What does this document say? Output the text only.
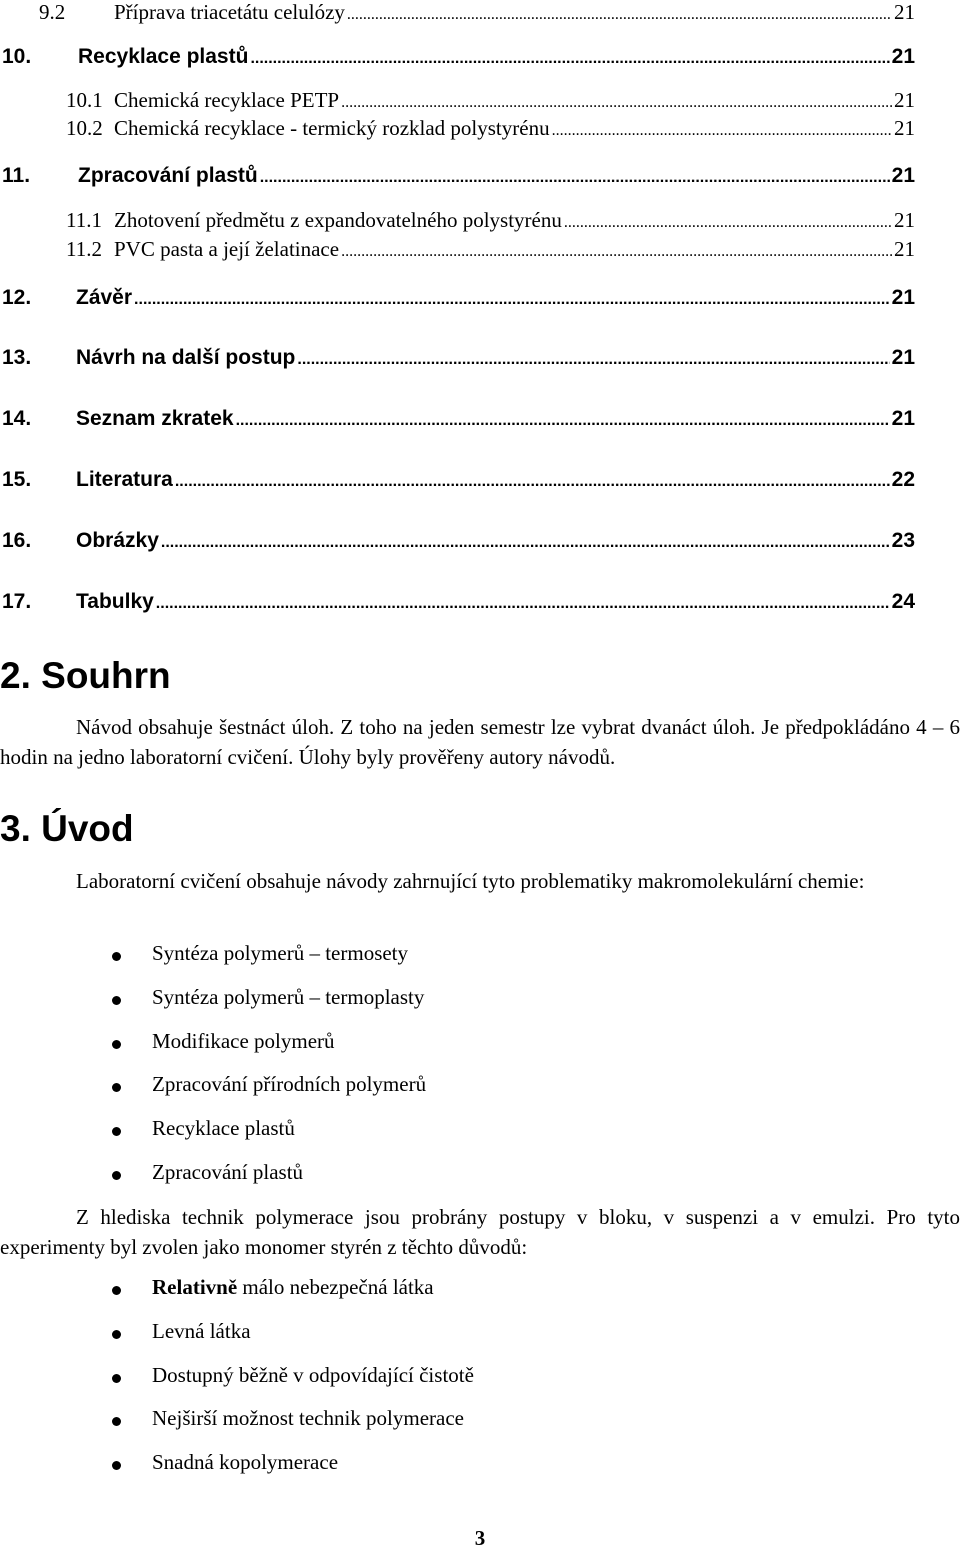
9.2	Příprava triacetátu celulózy .....	21
10.	Recyklace plastů .....	21
10.1 Chemická recyklace PETP .....	21
10.2 Chemická recyklace - termický rozklad polystyrénu .....	21
11.	Zpracování plastů .....	21
11.1 Zhotovení předmětu z expandovatelného polystyrénu .....	21
11.2 PVC pasta a její želatinace .....	21
12.	Závěr .....	21
13.	Návrh na další postup .....	21
14.	Seznam zkratek .....	21
15.	Literatura .....	22
16.	Obrázky .....	23
17.	Tabulky .....	24
2. Souhrn
Návod obsahuje šestnáct úloh. Z toho na jeden semestr lze vybrat dvanáct úloh. Je předpokládáno 4 – 6 hodin na jedno laboratorní cvičení. Úlohy byly prověřeny autory návodů.
3. Úvod
Laboratorní cvičení obsahuje návody zahrnující tyto problematiky makromolekulární chemie:
Syntéza polymerů – termosety
Syntéza polymerů – termoplasty
Modifikace polymerů
Zpracování přírodních polymerů
Recyklace plastů
Zpracování plastů
Z hlediska technik polymerace jsou probrány postupy v bloku, v suspenzi a v emulzi. Pro tyto experimenty byl zvolen jako monomer styrén z těchto důvodů:
Relativně málo nebezpečná látka
Levná látka
Dostupný běžně v odpovídající čistotě
Nejširší možnost technik polymerace
Snadná kopolymerace
3
